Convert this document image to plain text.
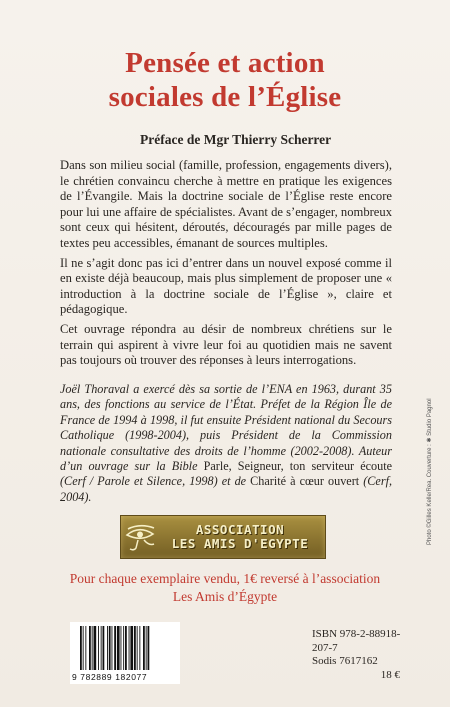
Pensée et action
sociales de l’Église
Préface de Mgr Thierry Scherrer

Dans son milieu social (famille, profession, engagements divers), le chrétien convaincu cherche à mettre en pratique les exigences de l’Évangile. Mais la doctrine sociale de l’Église reste encore pour lui une affaire de spécialistes. Avant de s’engager, nombreux sont ceux qui hésitent, déroutés, découragés par mille pages de textes peu accessibles, émanant de sources multiples.

Il ne s’agit donc pas ici d’entrer dans un nouvel exposé comme il en existe déjà beaucoup, mais plus simplement de proposer une « introduction à la doctrine sociale de l’Église », claire et pédagogique.

Cet ouvrage répondra au désir de nombreux chrétiens sur le terrain qui aspirent à vivre leur foi au quotidien mais ne savent pas toujours où trouver des réponses à leurs interrogations.

Joël Thoraval a exercé dès sa sortie de l’ENA en 1963, durant 35 ans, des fonctions au service de l’État. Préfet de la Région Île de France de 1994 à 1998, il fut ensuite Président national du Secours Catholique (1998-2004), puis Président de la Commission nationale consultative des droits de l’homme (2002-2008). Auteur d’un ouvrage sur la Bible Parle, Seigneur, ton serviteur écoute (Cerf / Parole et Silence, 1998) et de Charité à cœur ouvert (Cerf, 2004).
ASSOCIATION
LES AMIS D'EGYPTE
Pour chaque exemplaire vendu, 1€ reversé à l’association
Les Amis d’Égypte
9 782889 182077
ISBN 978-2-88918-207-7
Sodis 7617162
18 €
Photo ©Gilles Kelle/Rea. Couverture : ✱ Studio Pagnol
